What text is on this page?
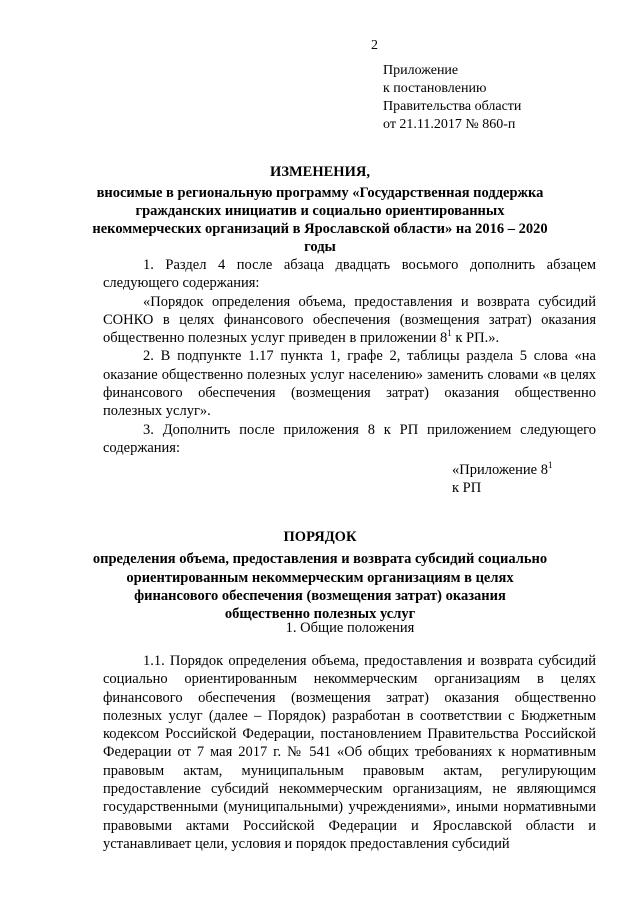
2
Приложение
к постановлению
Правительства области
от 21.11.2017 № 860-п
ИЗМЕНЕНИЯ,
вносимые в региональную программу «Государственная поддержка гражданских инициатив и социально ориентированных некоммерческих организаций в Ярославской области» на 2016 – 2020 годы

1. Раздел 4 после абзаца двадцать восьмого дополнить абзацем следующего содержания:

«Порядок определения объема, предоставления и возврата субсидий СОНКО в целях финансового обеспечения (возмещения затрат) оказания общественно полезных услуг приведен в приложении $8^1$ к РП.».

2. В подпункте 1.17 пункта 1, графе 2, таблицы раздела 5 слова «на оказание общественно полезных услуг населению» заменить словами «в целях финансового обеспечения (возмещения затрат) оказания общественно полезных услуг».

3. Дополнить после приложения 8 к РП приложением следующего содержания:

«Приложение $8^1$
к РП
ПОРЯДОК
определения объема, предоставления и возврата субсидий социально ориентированным некоммерческим организациям в целях финансового обеспечения (возмещения затрат) оказания общественно полезных услуг
1. Общие положения

1.1. Порядок определения объема, предоставления и возврата субсидий социально ориентированным некоммерческим организациям в целях финансового обеспечения (возмещения затрат) оказания общественно полезных услуг (далее – Порядок) разработан в соответствии с Бюджетным кодексом Российской Федерации, постановлением Правительства Российской Федерации от 7 мая 2017 г. № 541 «Об общих требованиях к нормативным правовым актам, муниципальным правовым актам, регулирующим предоставление субсидий некоммерческим организациям, не являющимся государственными (муниципальными) учреждениями», иными нормативными правовыми актами Российской Федерации и Ярославской области и устанавливает цели, условия и порядок предоставления субсидий
